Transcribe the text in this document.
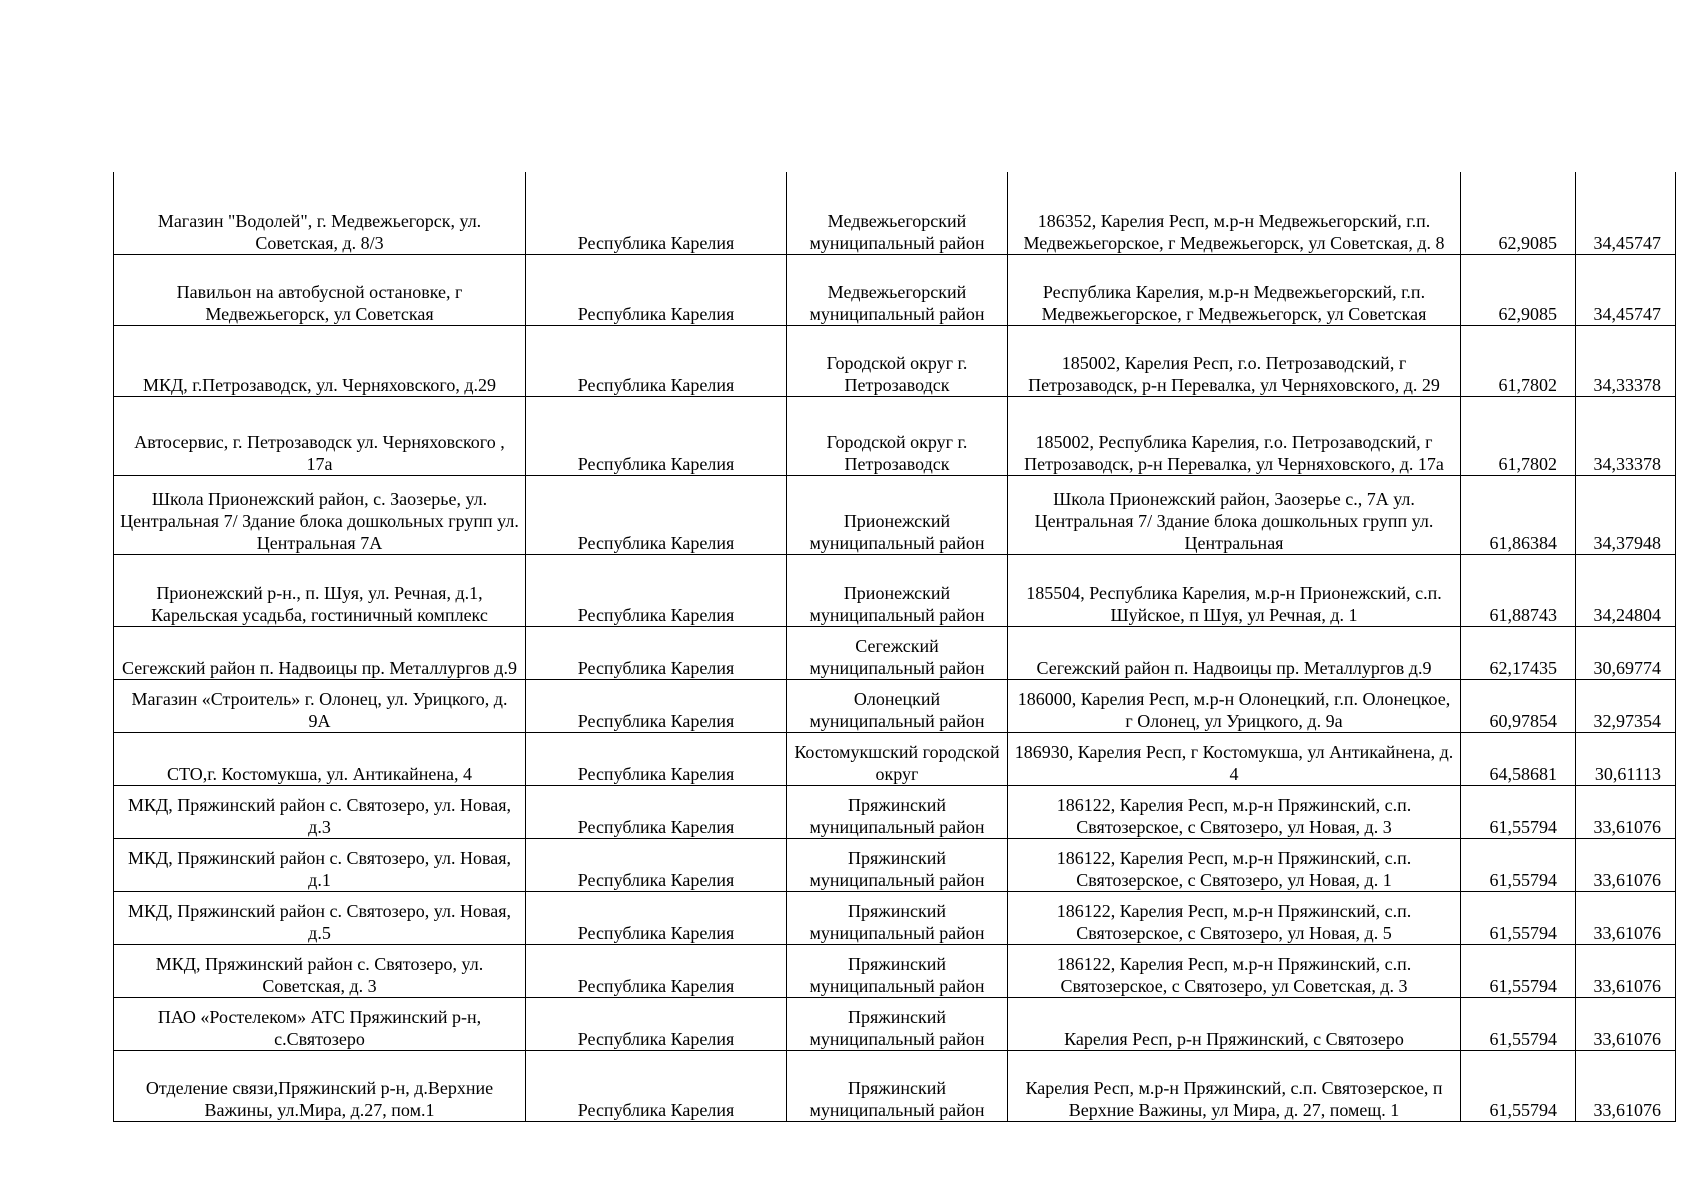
Магазин "Водолей", г. Медвежьегорск, ул. Советская, д. 8/3	Республика Карелия	Медвежьегорский муниципальный район	186352, Карелия Респ, м.р-н Медвежьегорский, г.п. Медвежьегорское, г Медвежьегорск, ул Советская, д. 8	62,9085	34,45747
Павильон на автобусной остановке, г Медвежьегорск, ул Советская	Республика Карелия	Медвежьегорский муниципальный район	Республика Карелия, м.р-н Медвежьегорский, г.п. Медвежьегорское, г Медвежьегорск, ул Советская	62,9085	34,45747
МКД, г.Петрозаводск, ул. Черняховского, д.29	Республика Карелия	Городской округ г. Петрозаводск	185002, Карелия Респ, г.о. Петрозаводский, г Петрозаводск, р-н Перевалка, ул Черняховского, д. 29	61,7802	34,33378
Автосервис, г. Петрозаводск ул. Черняховского , 17а	Республика Карелия	Городской округ г. Петрозаводск	185002, Республика Карелия, г.о. Петрозаводский, г Петрозаводск, р-н Перевалка, ул Черняховского, д. 17а	61,7802	34,33378
Школа Прионежский район, с. Заозерье, ул. Центральная 7/ Здание блока дошкольных групп ул. Центральная 7А	Республика Карелия	Прионежский муниципальный район	Школа Прионежский район, Заозерье с., 7А ул. Центральная 7/ Здание блока дошкольных групп ул. Центральная	61,86384	34,37948
Прионежский р-н., п. Шуя, ул. Речная, д.1, Карельская усадьба, гостиничный комплекс	Республика Карелия	Прионежский муниципальный район	185504, Республика Карелия, м.р-н Прионежский, с.п. Шуйское, п Шуя, ул Речная, д. 1	61,88743	34,24804
Сегежский район п. Надвоицы пр. Металлургов д.9	Республика Карелия	Сегежский муниципальный район	Сегежский район п. Надвоицы пр. Металлургов д.9	62,17435	30,69774
Магазин «Строитель» г. Олонец, ул. Урицкого, д. 9А	Республика Карелия	Олонецкий муниципальный район	186000, Карелия Респ, м.р-н Олонецкий, г.п. Олонецкое, г Олонец, ул Урицкого, д. 9а	60,97854	32,97354
СТО,г. Костомукша, ул. Антикайнена, 4	Республика Карелия	Костомукшский городской округ	186930, Карелия Респ, г Костомукша, ул Антикайнена, д. 4	64,58681	30,61113
МКД, Пряжинский район с. Святозеро, ул. Новая, д.3	Республика Карелия	Пряжинский муниципальный район	186122, Карелия Респ, м.р-н Пряжинский, с.п. Святозерское, с Святозеро, ул Новая, д. 3	61,55794	33,61076
МКД, Пряжинский район с. Святозеро, ул. Новая, д.1	Республика Карелия	Пряжинский муниципальный район	186122, Карелия Респ, м.р-н Пряжинский, с.п. Святозерское, с Святозеро, ул Новая, д. 1	61,55794	33,61076
МКД, Пряжинский район с. Святозеро, ул. Новая, д.5	Республика Карелия	Пряжинский муниципальный район	186122, Карелия Респ, м.р-н Пряжинский, с.п. Святозерское, с Святозеро, ул Новая, д. 5	61,55794	33,61076
МКД, Пряжинский район с. Святозеро, ул. Советская, д. 3	Республика Карелия	Пряжинский муниципальный район	186122, Карелия Респ, м.р-н Пряжинский, с.п. Святозерское, с Святозеро, ул Советская, д. 3	61,55794	33,61076
ПАО «Ростелеком» АТС Пряжинский р-н, с.Святозеро	Республика Карелия	Пряжинский муниципальный район	Карелия Респ, р-н Пряжинский, с Святозеро	61,55794	33,61076
Отделение связи,Пряжинский р-н, д.Верхние Важины, ул.Мира, д.27, пом.1	Республика Карелия	Пряжинский муниципальный район	Карелия Респ, м.р-н Пряжинский, с.п. Святозерское, п Верхние Важины, ул Мира, д. 27, помещ. 1	61,55794	33,61076
